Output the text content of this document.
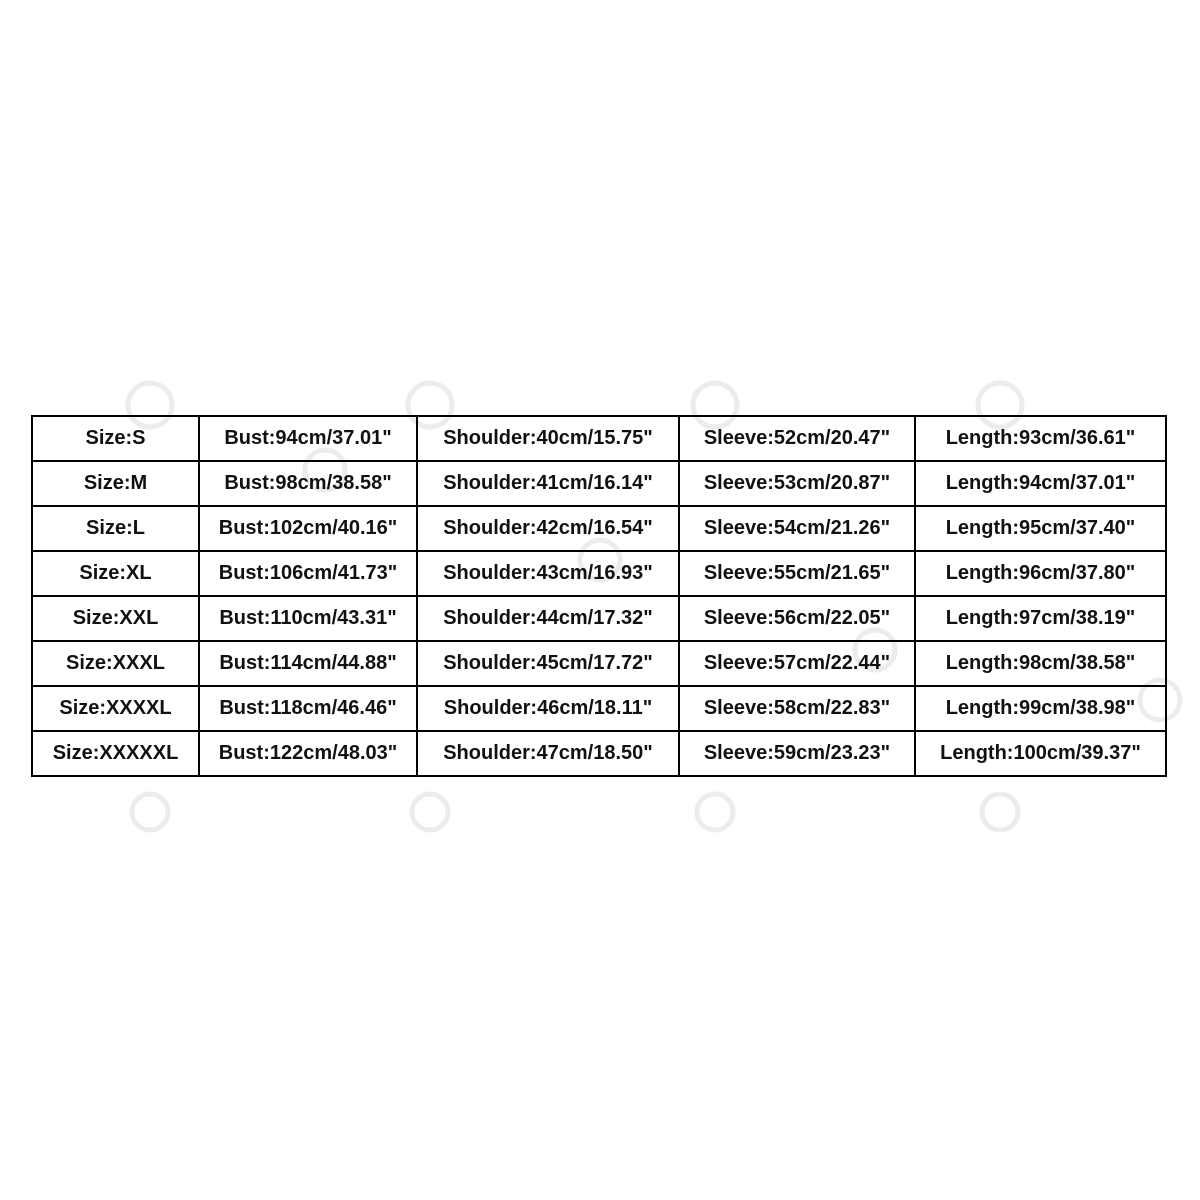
Size:S	Bust:94cm/37.01"	Shoulder:40cm/15.75"	Sleeve:52cm/20.47"	Length:93cm/36.61"
Size:M	Bust:98cm/38.58"	Shoulder:41cm/16.14"	Sleeve:53cm/20.87"	Length:94cm/37.01"
Size:L	Bust:102cm/40.16"	Shoulder:42cm/16.54"	Sleeve:54cm/21.26"	Length:95cm/37.40"
Size:XL	Bust:106cm/41.73"	Shoulder:43cm/16.93"	Sleeve:55cm/21.65"	Length:96cm/37.80"
Size:XXL	Bust:110cm/43.31"	Shoulder:44cm/17.32"	Sleeve:56cm/22.05"	Length:97cm/38.19"
Size:XXXL	Bust:114cm/44.88"	Shoulder:45cm/17.72"	Sleeve:57cm/22.44"	Length:98cm/38.58"
Size:XXXXL	Bust:118cm/46.46"	Shoulder:46cm/18.11"	Sleeve:58cm/22.83"	Length:99cm/38.98"
Size:XXXXXL	Bust:122cm/48.03"	Shoulder:47cm/18.50"	Sleeve:59cm/23.23"	Length:100cm/39.37"
